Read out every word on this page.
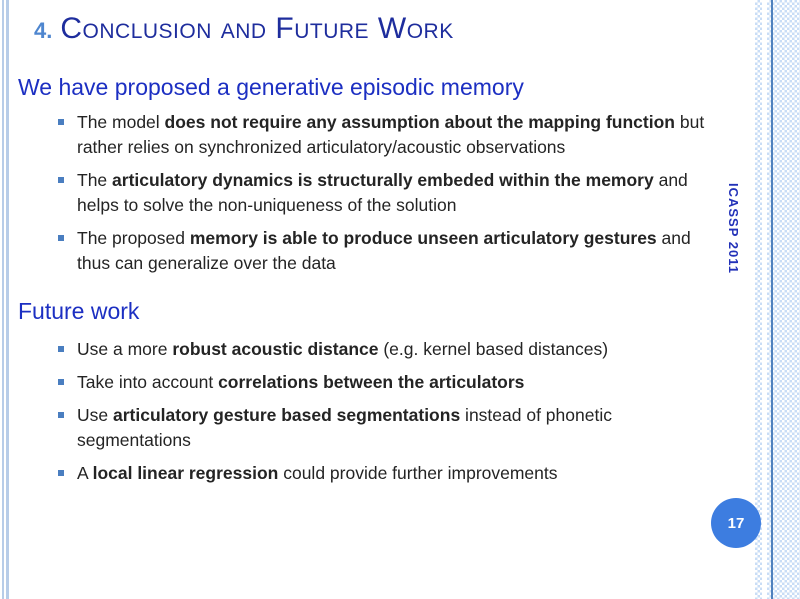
4. Conclusion and Future Work
We have proposed a generative episodic memory
The model does not require any assumption about the mapping function but
rather relies on synchronized articulatory/acoustic observations
The articulatory dynamics is structurally embeded within the memory and
helps to solve the non-uniqueness of the solution
The proposed memory is able to produce unseen articulatory gestures and
thus can generalize over the data
Future work
Use a more robust acoustic distance (e.g. kernel based distances)
Take into account correlations between the articulators
Use articulatory gesture based segmentations instead of phonetic
segmentations
A local linear regression could provide further improvements
ICASSP 2011
17
